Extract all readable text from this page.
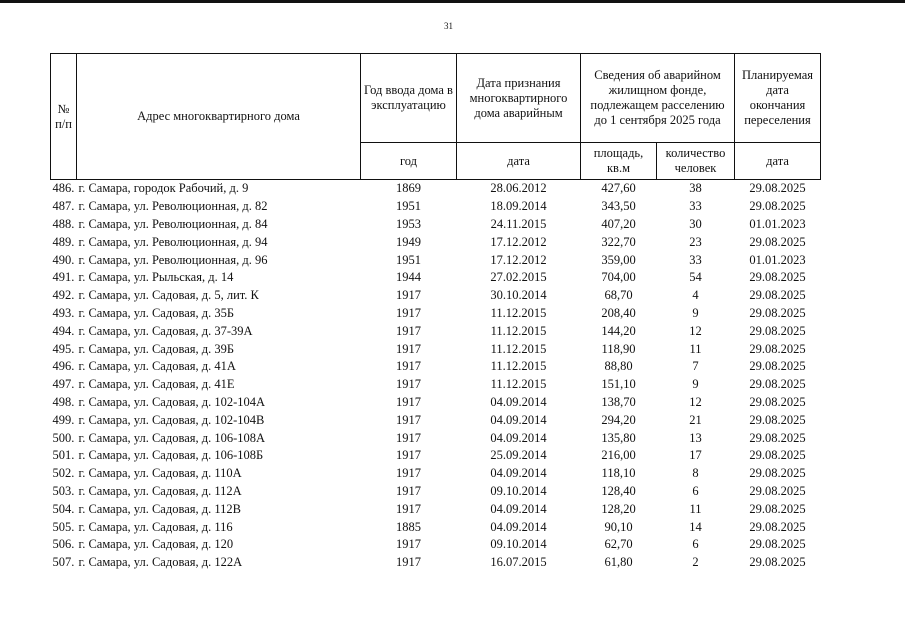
31
№ п/п	Адрес многоквартирного дома	Год ввода дома в эксплуатацию	Дата признания многоквартирного дома аварийным	Сведения об аварийном жилищном фонде, подлежащем расселению до 1 сентября 2025 года		Планируемая дата окончания переселения
		год	дата	площадь, кв.м	количество человек	дата
486.	г. Самара, городок Рабочий, д. 9	1869	28.06.2012	427,60	38	29.08.2025
487.	г. Самара, ул. Революционная, д. 82	1951	18.09.2014	343,50	33	29.08.2025
488.	г. Самара, ул. Революционная, д. 84	1953	24.11.2015	407,20	30	01.01.2023
489.	г. Самара, ул. Революционная, д. 94	1949	17.12.2012	322,70	23	29.08.2025
490.	г. Самара, ул. Революционная, д. 96	1951	17.12.2012	359,00	33	01.01.2023
491.	г. Самара, ул. Рыльская, д. 14	1944	27.02.2015	704,00	54	29.08.2025
492.	г. Самара, ул. Садовая, д. 5, лит. К	1917	30.10.2014	68,70	4	29.08.2025
493.	г. Самара, ул. Садовая, д. 35Б	1917	11.12.2015	208,40	9	29.08.2025
494.	г. Самара, ул. Садовая, д. 37-39А	1917	11.12.2015	144,20	12	29.08.2025
495.	г. Самара, ул. Садовая, д. 39Б	1917	11.12.2015	118,90	11	29.08.2025
496.	г. Самара, ул. Садовая, д. 41А	1917	11.12.2015	88,80	7	29.08.2025
497.	г. Самара, ул. Садовая, д. 41Е	1917	11.12.2015	151,10	9	29.08.2025
498.	г. Самара, ул. Садовая, д. 102-104А	1917	04.09.2014	138,70	12	29.08.2025
499.	г. Самара, ул. Садовая, д. 102-104В	1917	04.09.2014	294,20	21	29.08.2025
500.	г. Самара, ул. Садовая, д. 106-108А	1917	04.09.2014	135,80	13	29.08.2025
501.	г. Самара, ул. Садовая, д. 106-108Б	1917	25.09.2014	216,00	17	29.08.2025
502.	г. Самара, ул. Садовая, д. 110А	1917	04.09.2014	118,10	8	29.08.2025
503.	г. Самара, ул. Садовая, д. 112А	1917	09.10.2014	128,40	6	29.08.2025
504.	г. Самара, ул. Садовая, д. 112В	1917	04.09.2014	128,20	11	29.08.2025
505.	г. Самара, ул. Садовая, д. 116	1885	04.09.2014	90,10	14	29.08.2025
506.	г. Самара, ул. Садовая, д. 120	1917	09.10.2014	62,70	6	29.08.2025
507.	г. Самара, ул. Садовая, д. 122А	1917	16.07.2015	61,80	2	29.08.2025
